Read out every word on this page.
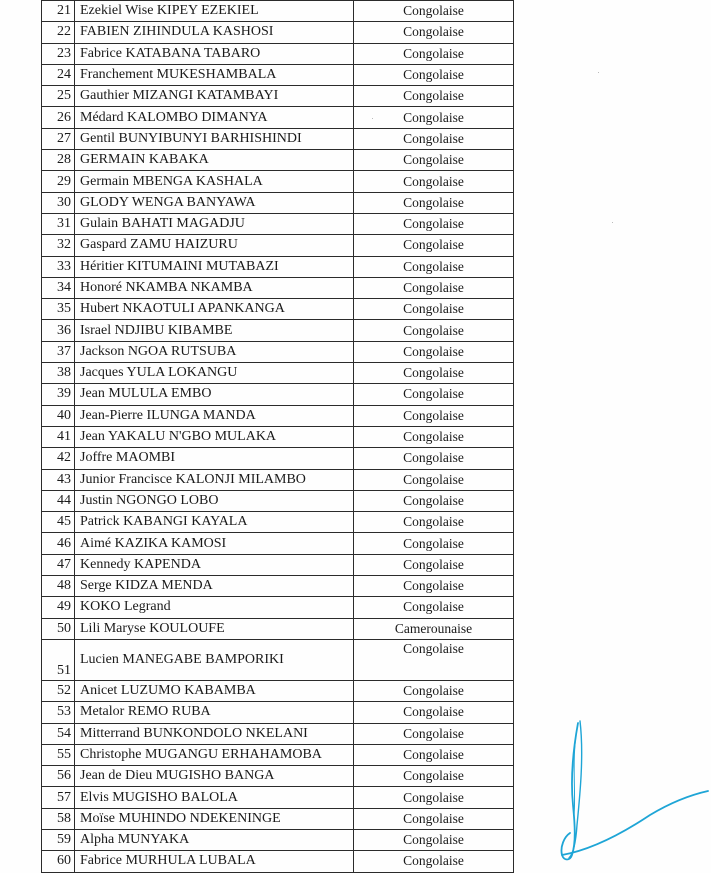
21	Ezekiel Wise KIPEY EZEKIEL	Congolaise
22	FABIEN ZIHINDULA KASHOSI	Congolaise
23	Fabrice KATABANA TABARO	Congolaise
24	Franchement MUKESHAMBALA	Congolaise
25	Gauthier MIZANGI KATAMBAYI	Congolaise
26	Médard KALOMBO DIMANYA	Congolaise
27	Gentil BUNYIBUNYI BARHISHINDI	Congolaise
28	GERMAIN KABAKA	Congolaise
29	Germain MBENGA KASHALA	Congolaise
30	GLODY WENGA BANYAWA	Congolaise
31	Gulain BAHATI MAGADJU	Congolaise
32	Gaspard ZAMU HAIZURU	Congolaise
33	Héritier KITUMAINI MUTABAZI	Congolaise
34	Honoré NKAMBA NKAMBA	Congolaise
35	Hubert NKAOTULI APANKANGA	Congolaise
36	Israel NDJIBU KIBAMBE	Congolaise
37	Jackson NGOA RUTSUBA	Congolaise
38	Jacques YULA LOKANGU	Congolaise
39	Jean MULULA EMBO	Congolaise
40	Jean-Pierre ILUNGA MANDA	Congolaise
41	Jean YAKALU N'GBO MULAKA	Congolaise
42	Joffre MAOMBI	Congolaise
43	Junior Francisce KALONJI MILAMBO	Congolaise
44	Justin NGONGO LOBO	Congolaise
45	Patrick KABANGI KAYALA	Congolaise
46	Aimé KAZIKA KAMOSI	Congolaise
47	Kennedy KAPENDA	Congolaise
48	Serge KIDZA MENDA	Congolaise
49	KOKO Legrand	Congolaise
50	Lili Maryse KOULOUFE	Camerounaise
51	Lucien MANEGABE BAMPORIKI	Congolaise
52	Anicet LUZUMO KABAMBA	Congolaise
53	Metalor REMO RUBA	Congolaise
54	Mitterrand BUNKONDOLO NKELANI	Congolaise
55	Christophe MUGANGU ERHAHAMOBA	Congolaise
56	Jean de Dieu MUGISHO BANGA	Congolaise
57	Elvis MUGISHO BALOLA	Congolaise
58	Moïse MUHINDO NDEKENINGE	Congolaise
59	Alpha MUNYAKA	Congolaise
60	Fabrice MURHULA LUBALA	Congolaise
